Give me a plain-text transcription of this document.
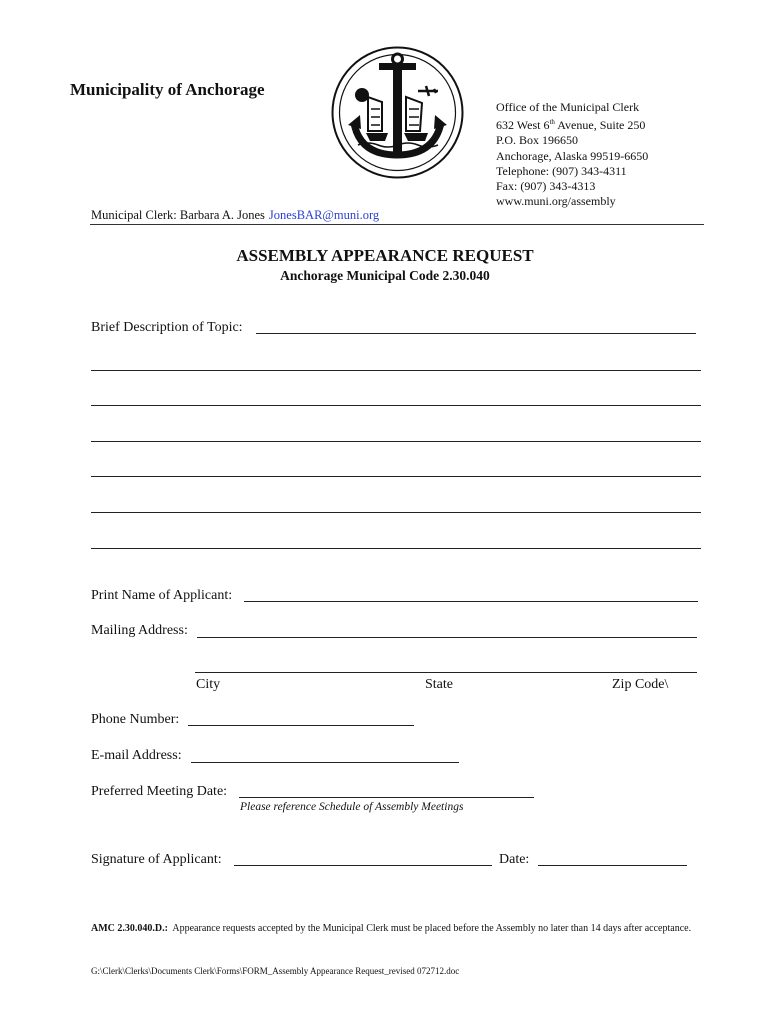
Municipality of Anchorage
Office of the Municipal Clerk
632 West 6th Avenue, Suite 250
P.O. Box 196650
Anchorage, Alaska 99519-6650
Telephone: (907) 343-4311
Fax: (907) 343-4313
www.muni.org/assembly
Municipal Clerk: Barbara A. Jones JonesBAR@muni.org
ASSEMBLY APPEARANCE REQUEST
Anchorage Municipal Code 2.30.040
Brief Description of Topic:
Print Name of Applicant:
Mailing Address:
City	State	Zip Code\
Phone Number:
E-mail Address:
Preferred Meeting Date:
Please reference Schedule of Assembly Meetings
Signature of Applicant:	Date:
AMC 2.30.040.D.: Appearance requests accepted by the Municipal Clerk must be placed before the Assembly no later than 14 days after acceptance.
G:\Clerk\Clerks\Documents Clerk\Forms\FORM_Assembly Appearance Request_revised 072712.doc
